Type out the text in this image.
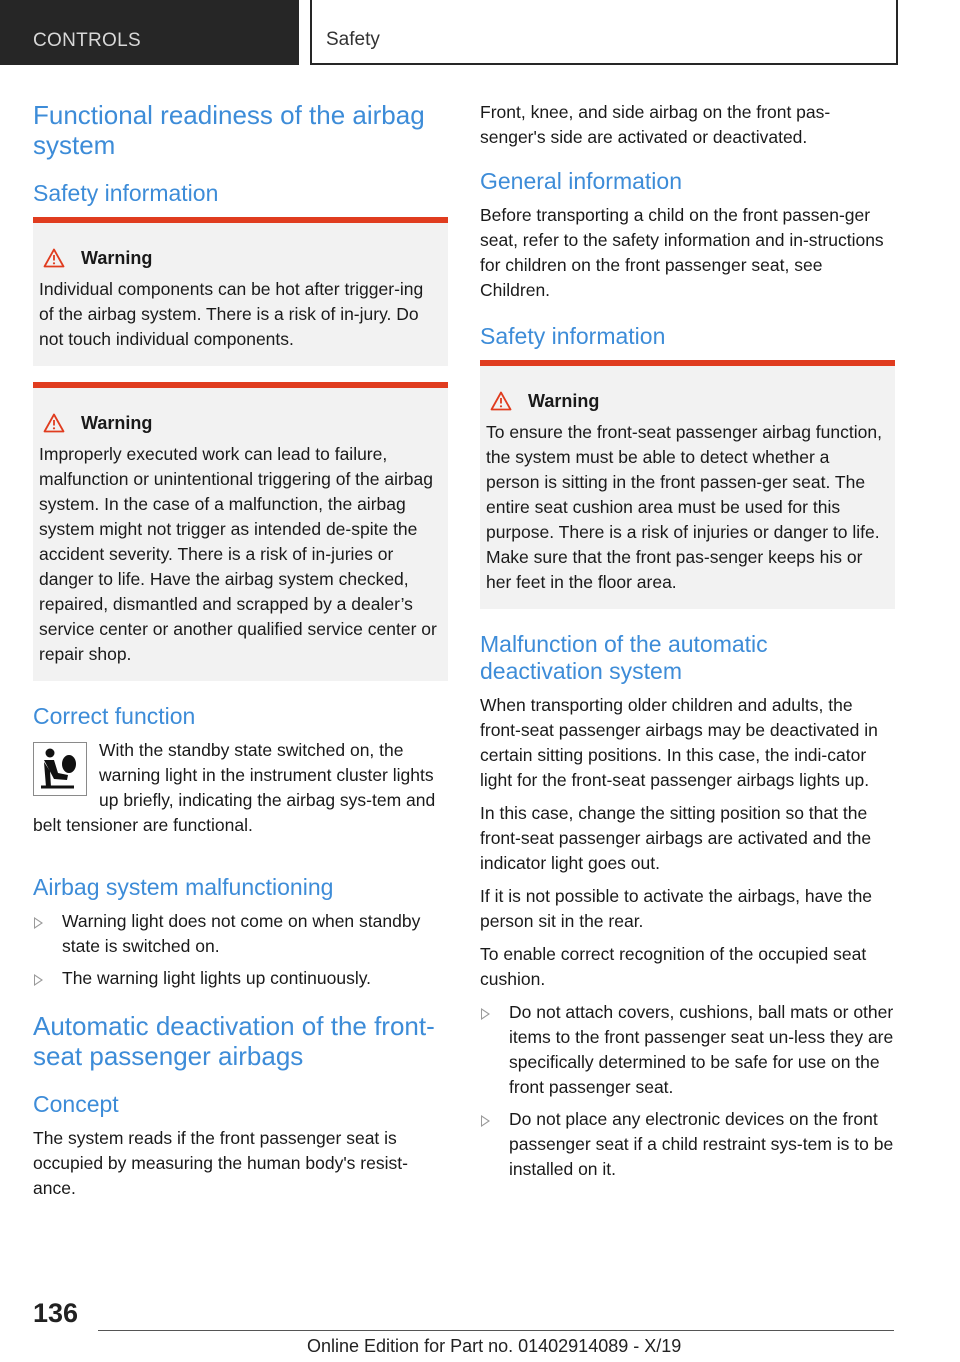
CONTROLS	Safety
Functional readiness of the airbag system
Safety information
Warning

Individual components can be hot after trigger-ing of the airbag system. There is a risk of in-jury. Do not touch individual components.

Warning

Improperly executed work can lead to failure, malfunction or unintentional triggering of the airbag system. In the case of a malfunction, the airbag system might not trigger as intended de-spite the accident severity. There is a risk of in-juries or danger to life. Have the airbag system checked, repaired, dismantled and scrapped by a dealer’s service center or another qualified service center or repair shop.

Correct function

With the standby state switched on, the warning light in the instrument cluster lights up briefly, indicating the airbag sys-tem and belt tensioner are functional.

Airbag system malfunctioning
Warning light does not come on when standby state is switched on.
The warning light lights up continuously.
Automatic deactivation of the front-seat passenger airbags
Concept

The system reads if the front passenger seat is occupied by measuring the human body's resist-ance.

Front, knee, and side airbag on the front pas-senger's side are activated or deactivated.

General information

Before transporting a child on the front passen-ger seat, refer to the safety information and in-structions for children on the front passenger seat, see Children.

Safety information
Warning

To ensure the front-seat passenger airbag function, the system must be able to detect whether a person is sitting in the front passen-ger seat. The entire seat cushion area must be used for this purpose. There is a risk of injuries or danger to life. Make sure that the front pas-senger keeps his or her feet in the floor area.

Malfunction of the automatic deactivation system

When transporting older children and adults, the front-seat passenger airbags may be deactivated in certain sitting positions. In this case, the indi-cator light for the front-seat passenger airbags lights up.

In this case, change the sitting position so that the front-seat passenger airbags are activated and the indicator light goes out.

If it is not possible to activate the airbags, have the person sit in the rear.

To enable correct recognition of the occupied seat cushion.

Do not attach covers, cushions, ball mats or other items to the front passenger seat un-less they are specifically determined to be safe for use on the front passenger seat.
Do not place any electronic devices on the front passenger seat if a child restraint sys-tem is to be installed on it.
136
Online Edition for Part no. 01402914089 - X/19
